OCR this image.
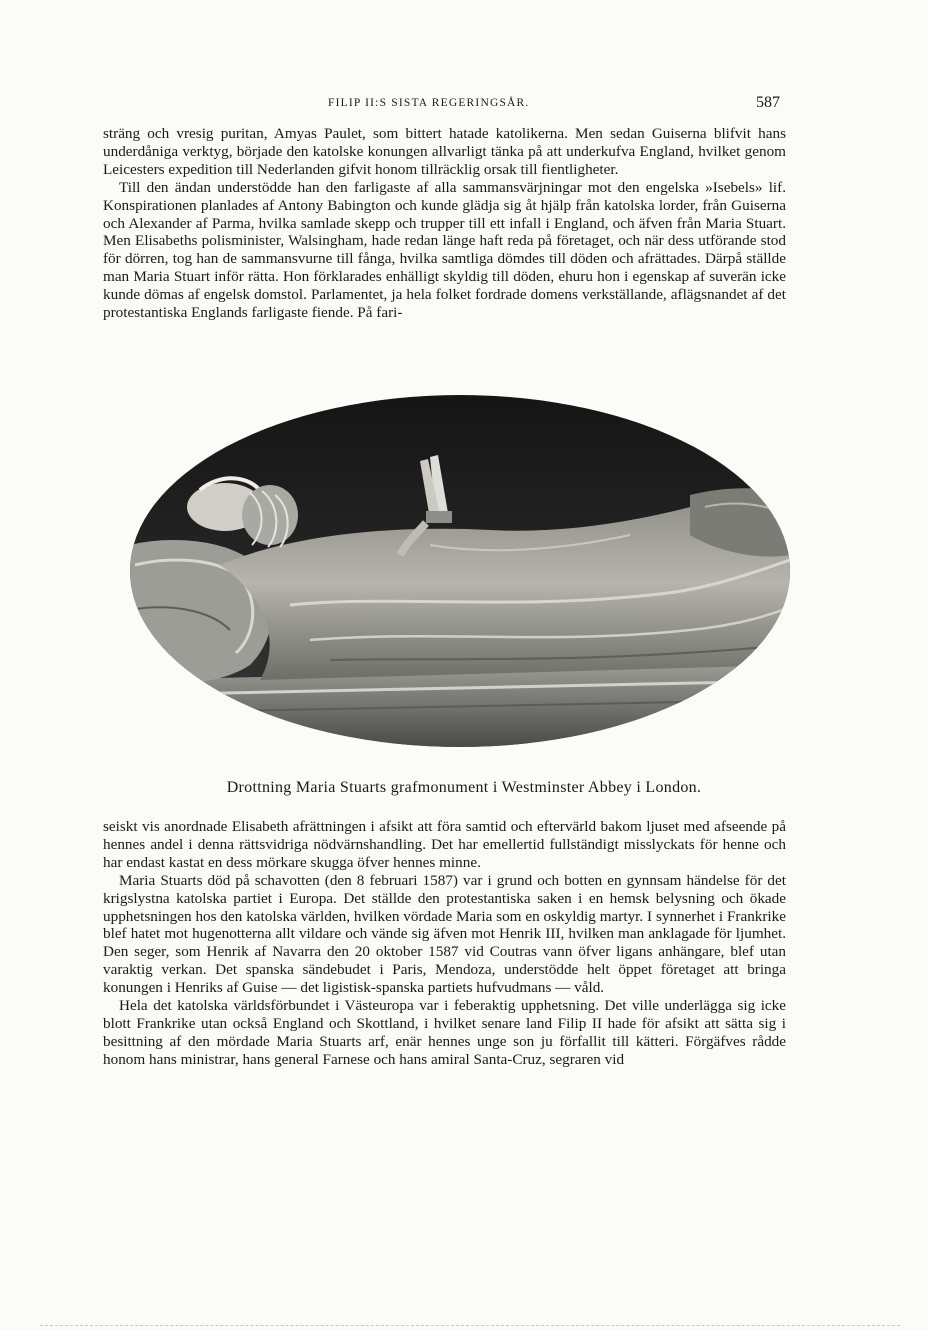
FILIP II:S SISTA REGERINGSÅR.	587

sträng och vresig puritan, Amyas Paulet, som bittert hatade katolikerna. Men sedan Guiserna blifvit hans underdåniga verktyg, började den katolske konungen allvarligt tänka på att underkufva England, hvilket genom Leicesters expedition till Nederlanden gifvit honom tillräcklig orsak till fientligheter.

Till den ändan understödde han den farligaste af alla sammansvärjningar mot den engelska »Isebels» lif. Konspirationen planlades af Antony Babington och kunde glädja sig åt hjälp från katolska lorder, från Guiserna och Alexander af Parma, hvilka samlade skepp och trupper till ett infall i England, och äfven från Maria Stuart. Men Elisabeths polisminister, Walsingham, hade redan länge haft reda på företaget, och när dess utförande stod för dörren, tog han de sammansvurne till fånga, hvilka samtliga dömdes till döden och afrättades. Därpå ställde man Maria Stuart inför rätta. Hon förklarades enhälligt skyldig till döden, ehuru hon i egenskap af suverän icke kunde dömas af engelsk domstol. Parlamentet, ja hela folket fordrade domens verkställande, aflägsnandet af det protestantiska Englands farligaste fiende. På fari-

Drottning Maria Stuarts grafmonument i Westminster Abbey i London.

seiskt vis anordnade Elisabeth afrättningen i afsikt att föra samtid och eftervärld bakom ljuset med afseende på hennes andel i denna rättsvidriga nödvärnshandling. Det har emellertid fullständigt misslyckats för henne och har endast kastat en dess mörkare skugga öfver hennes minne.

Maria Stuarts död på schavotten (den 8 februari 1587) var i grund och botten en gynnsam händelse för det krigslystna katolska partiet i Europa. Det ställde den protestantiska saken i en hemsk belysning och ökade upphetsningen hos den katolska världen, hvilken vördade Maria som en oskyldig martyr. I synnerhet i Frankrike blef hatet mot hugenotterna allt vildare och vände sig äfven mot Henrik III, hvilken man anklagade för ljumhet. Den seger, som Henrik af Navarra den 20 oktober 1587 vid Coutras vann öfver ligans anhängare, blef utan varaktig verkan. Det spanska sändebudet i Paris, Mendoza, understödde helt öppet företaget att bringa konungen i Henriks af Guise — det ligistisk-spanska partiets hufvudmans — våld.

Hela det katolska världsförbundet i Västeuropa var i feberaktig upphetsning. Det ville underlägga sig icke blott Frankrike utan också England och Skottland, i hvilket senare land Filip II hade för afsikt att sätta sig i besittning af den mördade Maria Stuarts arf, enär hennes unge son ju förfallit till kätteri. Förgäfves rådde honom hans ministrar, hans general Farnese och hans amiral Santa-Cruz, segraren vid
